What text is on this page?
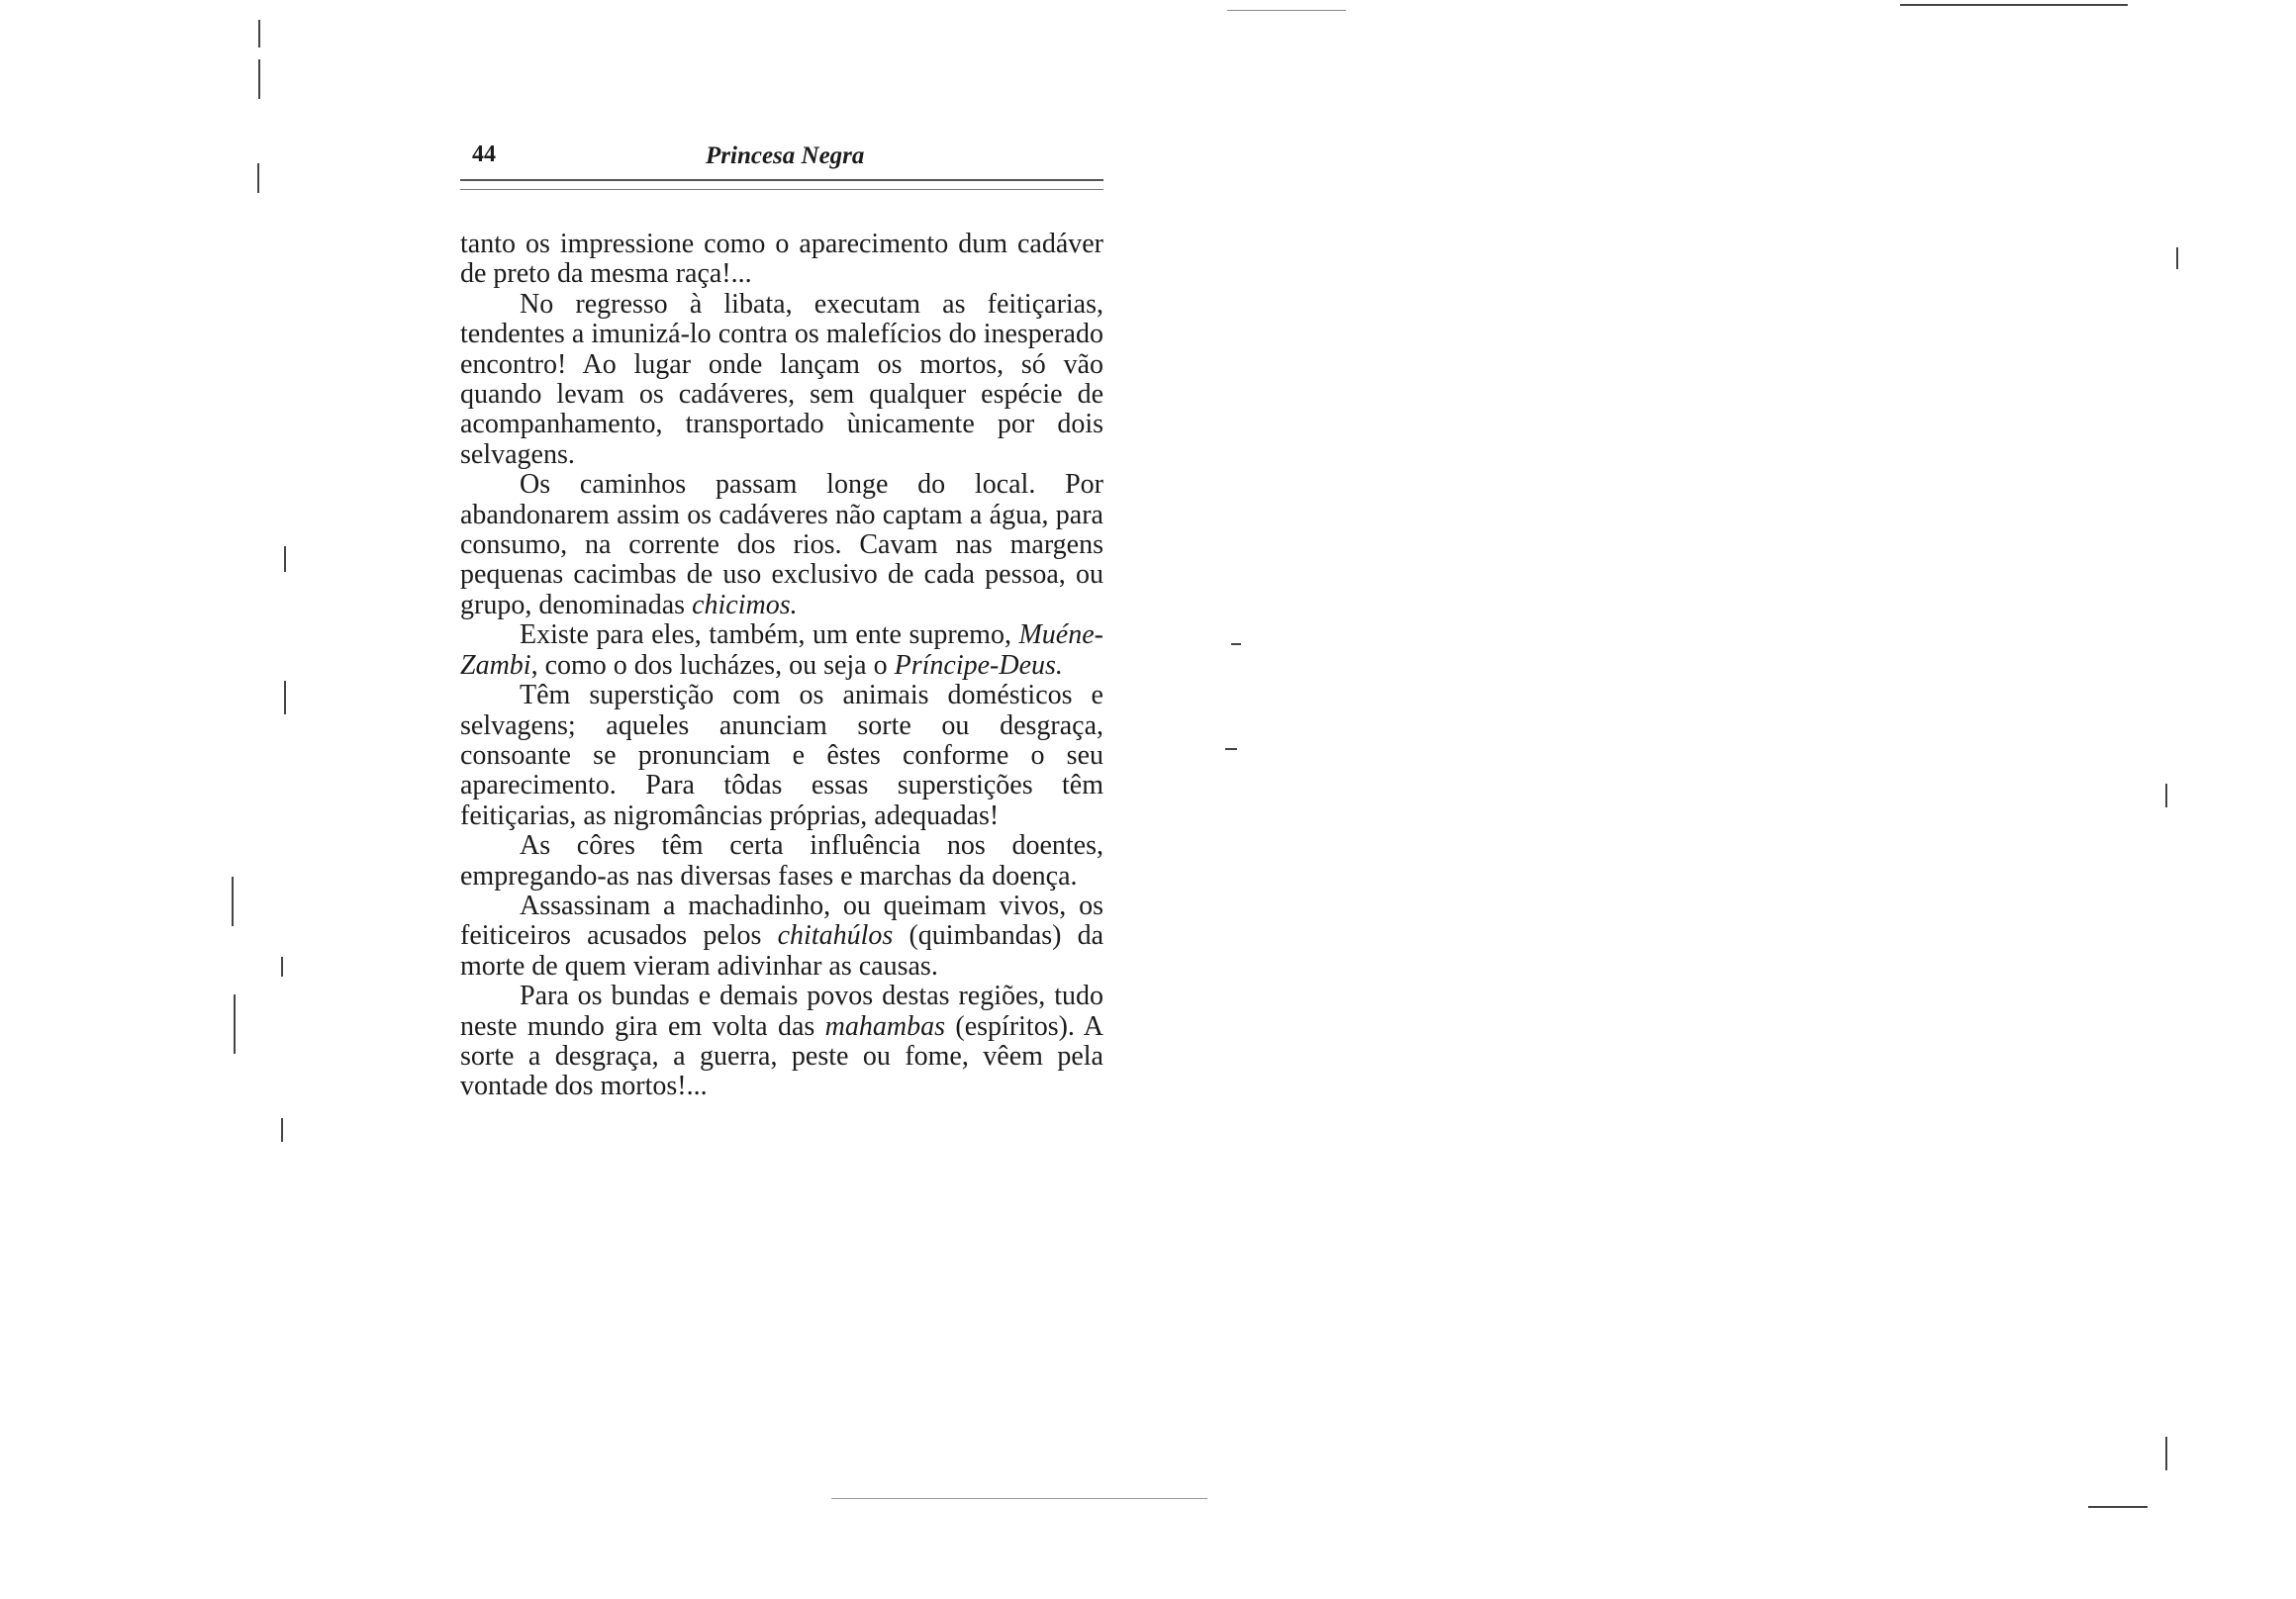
44	Princesa Negra

tanto os impressione como o aparecimento dum cadáver de preto da mesma raça!...

No regresso à libata, executam as feitiçarias, tendentes a imunizá-lo contra os malefícios do inesperado encontro! Ao lugar onde lançam os mortos, só vão quando levam os cadáveres, sem qualquer espécie de acompanhamento, transportado ùnicamente por dois selvagens.

Os caminhos passam longe do local. Por abandonarem assim os cadáveres não captam a água, para consumo, na corrente dos rios. Cavam nas margens pequenas cacimbas de uso exclusivo de cada pessoa, ou grupo, denominadas chicimos.

Existe para eles, também, um ente supremo, Muéne-Zambi, como o dos lucházes, ou seja o Príncipe-Deus.

Têm superstição com os animais domésticos e selvagens; aqueles anunciam sorte ou desgraça, consoante se pronunciam e êstes conforme o seu aparecimento. Para tôdas essas superstições têm feitiçarias, as nigromâncias próprias, adequadas!

As côres têm certa influência nos doentes, empregando-as nas diversas fases e marchas da doença.

Assassinam a machadinho, ou queimam vivos, os feiticeiros acusados pelos chitahúlos (quimbandas) da morte de quem vieram adivinhar as causas.

Para os bundas e demais povos destas regiões, tudo neste mundo gira em volta das mahambas (espíritos). A sorte a desgraça, a guerra, peste ou fome, vêem pela vontade dos mortos!...
